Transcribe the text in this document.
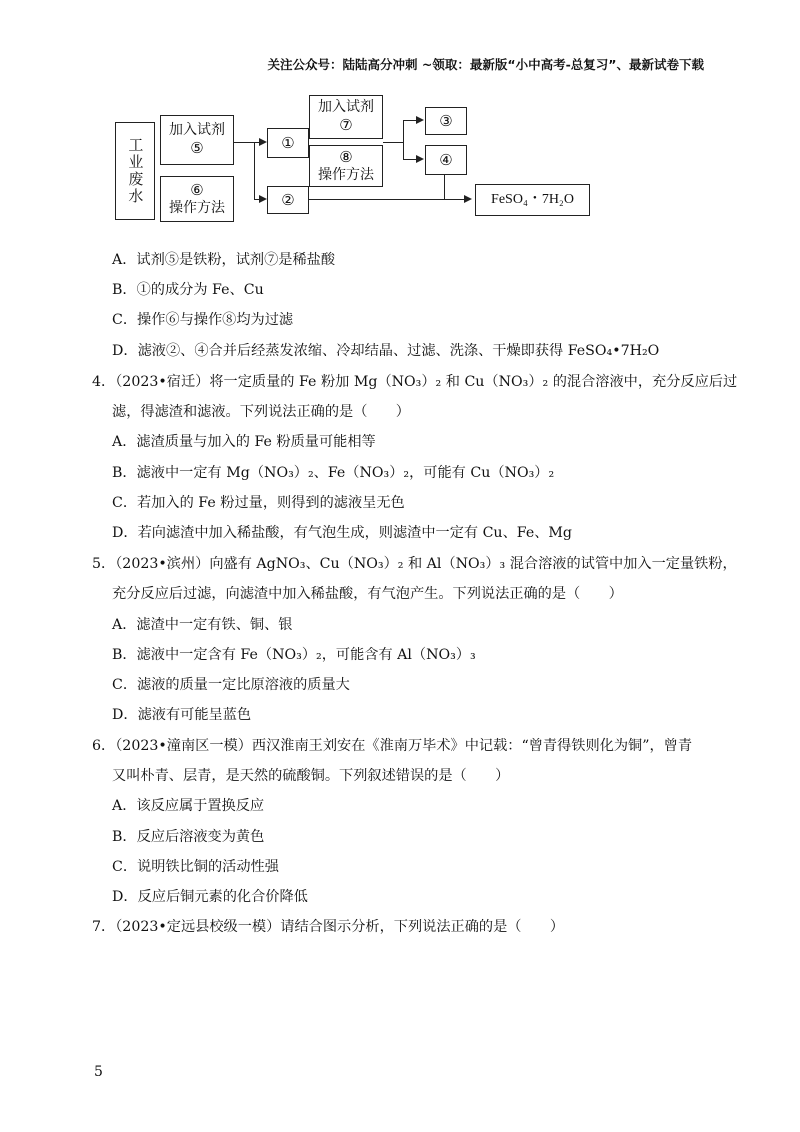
关注公众号：陆陆高分冲刺 ~领取：最新版“小中高考-总复习”、最新试卷下载
工业废水
加入试剂
⑤
⑥
操作方法
①
②
加入试剂
⑦
⑧
操作方法
③
④
FeSO₄・7H₂O
A．试剂⑤是铁粉，试剂⑦是稀盐酸
B．①的成分为 Fe、Cu
C．操作⑥与操作⑧均为过滤
D．滤液②、④合并后经蒸发浓缩、冷却结晶、过滤、洗涤、干燥即获得 FeSO₄•7H₂O
4．（2023•宿迁）将一定质量的 Fe 粉加 Mg（NO₃）₂ 和 Cu（NO₃）₂ 的混合溶液中，充分反应后过
滤，得滤渣和滤液。下列说法正确的是（　　）
A．滤渣质量与加入的 Fe 粉质量可能相等
B．滤液中一定有 Mg（NO₃）₂、Fe（NO₃）₂，可能有 Cu（NO₃）₂
C．若加入的 Fe 粉过量，则得到的滤液呈无色
D．若向滤渣中加入稀盐酸，有气泡生成，则滤渣中一定有 Cu、Fe、Mg
5．（2023•滨州）向盛有 AgNO₃、Cu（NO₃）₂ 和 Al（NO₃）₃ 混合溶液的试管中加入一定量铁粉，
充分反应后过滤，向滤渣中加入稀盐酸，有气泡产生。下列说法正确的是（　　）
A．滤渣中一定有铁、铜、银
B．滤液中一定含有 Fe（NO₃）₂，可能含有 Al（NO₃）₃
C．滤液的质量一定比原溶液的质量大
D．滤液有可能呈蓝色
6．（2023•潼南区一模）西汉淮南王刘安在《淮南万毕术》中记载：“曾青得铁则化为铜”，曾青
又叫朴青、层青，是天然的硫酸铜。下列叙述错误的是（　　）
A．该反应属于置换反应
B．反应后溶液变为黄色
C．说明铁比铜的活动性强
D．反应后铜元素的化合价降低
7．（2023•定远县校级一模）请结合图示分析，下列说法正确的是（　　）
5
